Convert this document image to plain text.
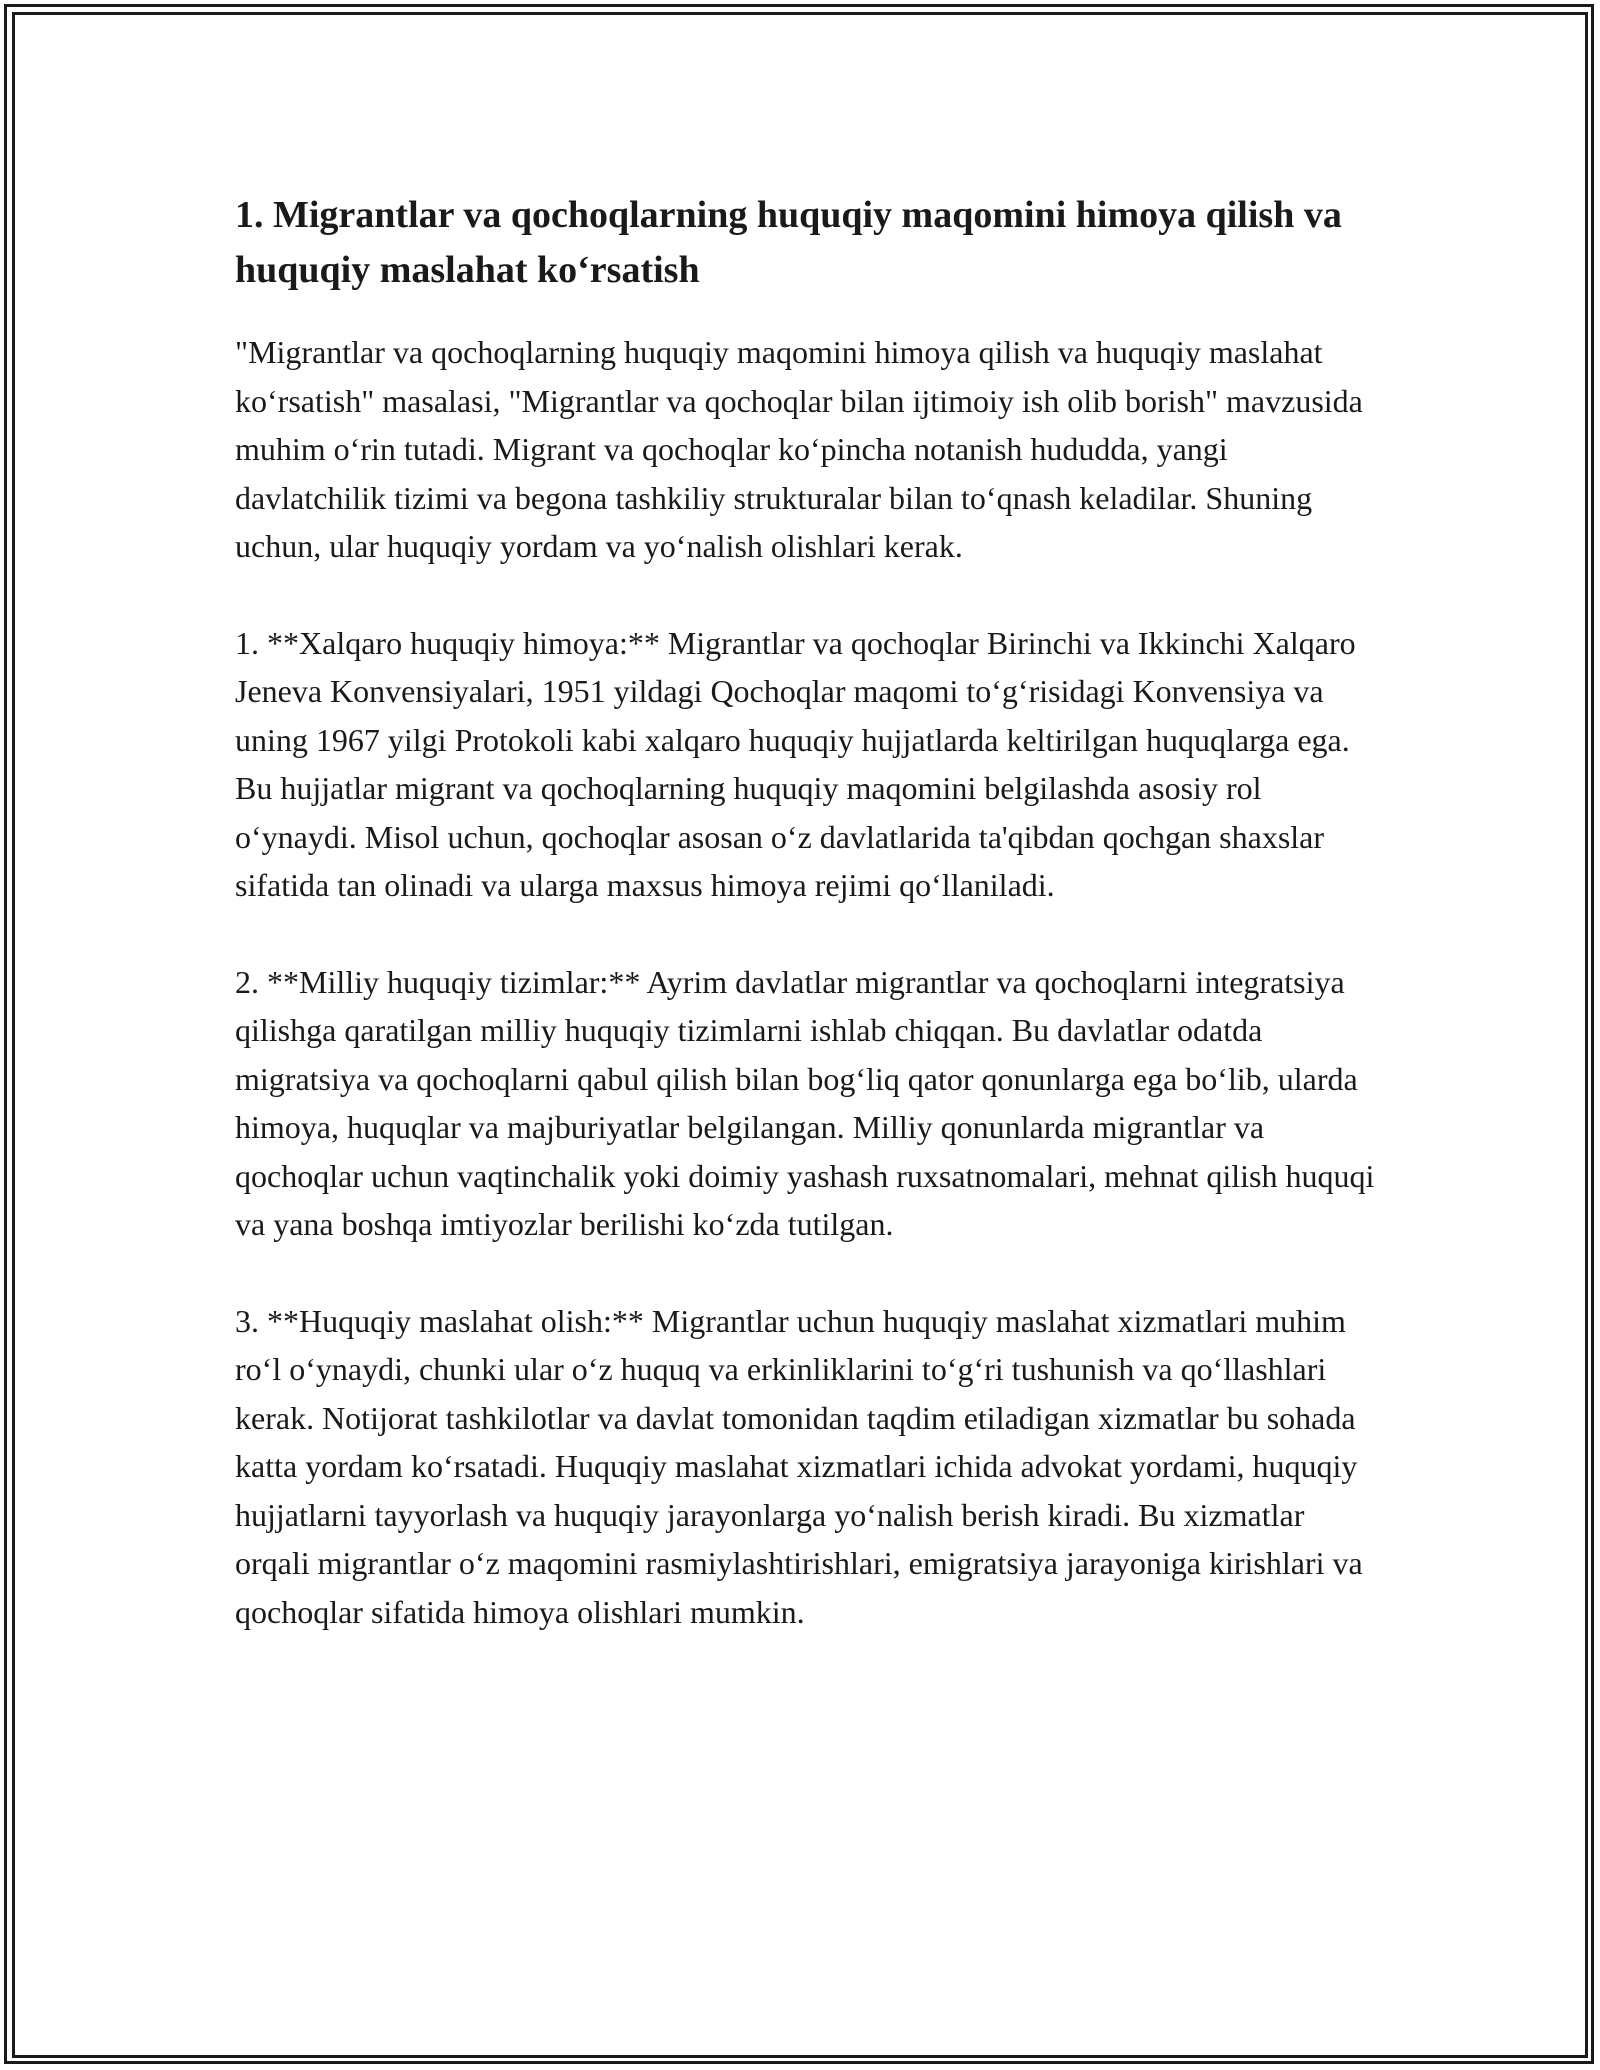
1. Migrantlar va qochoqlarning huquqiy maqomini himoya qilish va huquqiy maslahat ko‘rsatish

"Migrantlar va qochoqlarning huquqiy maqomini himoya qilish va huquqiy maslahat ko‘rsatish" masalasi, "Migrantlar va qochoqlar bilan ijtimoiy ish olib borish" mavzusida muhim o‘rin tutadi. Migrant va qochoqlar ko‘pincha notanish hududda, yangi davlatchilik tizimi va begona tashkiliy strukturalar bilan to‘qnash keladilar. Shuning uchun, ular huquqiy yordam va yo‘nalish olishlari kerak.

1. **Xalqaro huquqiy himoya:** Migrantlar va qochoqlar Birinchi va Ikkinchi Xalqaro Jeneva Konvensiyalari, 1951 yildagi Qochoqlar maqomi to‘g‘risidagi Konvensiya va uning 1967 yilgi Protokoli kabi xalqaro huquqiy hujjatlarda keltirilgan huquqlarga ega. Bu hujjatlar migrant va qochoqlarning huquqiy maqomini belgilashda asosiy rol o‘ynaydi. Misol uchun, qochoqlar asosan o‘z davlatlarida ta'qibdan qochgan shaxslar sifatida tan olinadi va ularga maxsus himoya rejimi qo‘llaniladi.

2. **Milliy huquqiy tizimlar:** Ayrim davlatlar migrantlar va qochoqlarni integratsiya qilishga qaratilgan milliy huquqiy tizimlarni ishlab chiqqan. Bu davlatlar odatda migratsiya va qochoqlarni qabul qilish bilan bog‘liq qator qonunlarga ega bo‘lib, ularda himoya, huquqlar va majburiyatlar belgilangan. Milliy qonunlarda migrantlar va qochoqlar uchun vaqtinchalik yoki doimiy yashash ruxsatnomalari, mehnat qilish huquqi va yana boshqa imtiyozlar berilishi ko‘zda tutilgan.

3. **Huquqiy maslahat olish:** Migrantlar uchun huquqiy maslahat xizmatlari muhim ro‘l o‘ynaydi, chunki ular o‘z huquq va erkinliklarini to‘g‘ri tushunish va qo‘llashlari kerak. Notijorat tashkilotlar va davlat tomonidan taqdim etiladigan xizmatlar bu sohada katta yordam ko‘rsatadi. Huquqiy maslahat xizmatlari ichida advokat yordami, huquqiy hujjatlarni tayyorlash va huquqiy jarayonlarga yo‘nalish berish kiradi. Bu xizmatlar orqali migrantlar o‘z maqomini rasmiylashtirishlari, emigratsiya jarayoniga kirishlari va qochoqlar sifatida himoya olishlari mumkin.
